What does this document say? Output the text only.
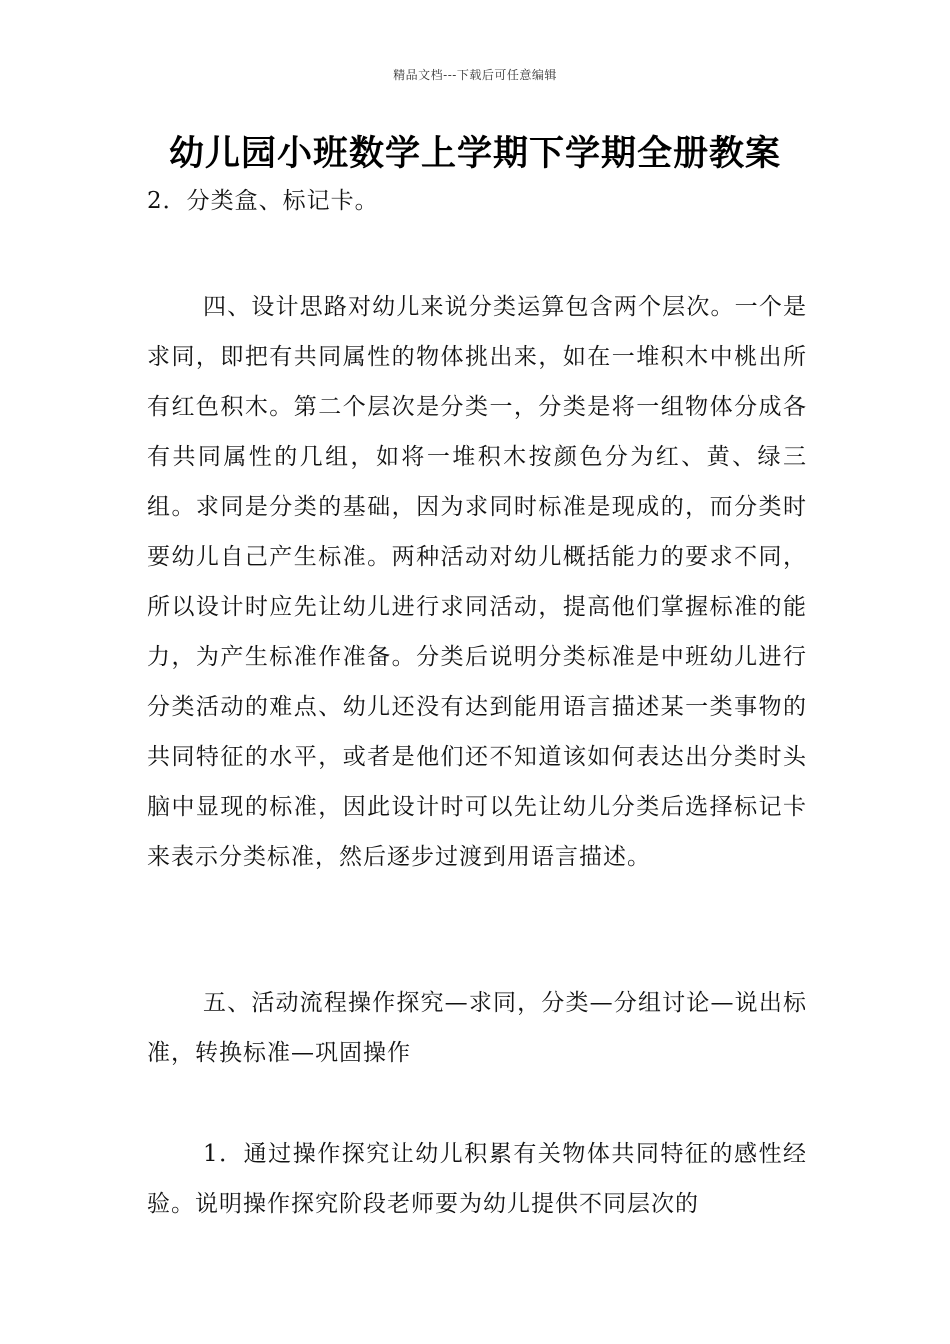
精品文档---下载后可任意编辑
幼儿园小班数学上学期下学期全册教案

2．分类盒、标记卡。

四、设计思路对幼儿来说分类运算包含两个层次。一个是求同，即把有共同属性的物体挑出来，如在一堆积木中桃出所有红色积木。第二个层次是分类一，分类是将一组物体分成各有共同属性的几组，如将一堆积木按颜色分为红、黄、绿三组。求同是分类的基础，因为求同时标准是现成的，而分类时要幼儿自己产生标准。两种活动对幼儿概括能力的要求不同，所以设计时应先让幼儿进行求同活动，提高他们掌握标准的能力，为产生标准作准备。分类后说明分类标准是中班幼儿进行分类活动的难点、幼儿还没有达到能用语言描述某一类事物的共同特征的水平，或者是他们还不知道该如何表达出分类时头脑中显现的标准，因此设计时可以先让幼儿分类后选择标记卡来表示分类标准，然后逐步过渡到用语言描述。

五、活动流程操作探究—求同，分类—分组讨论—说出标准，转换标准—巩固操作

1．通过操作探究让幼儿积累有关物体共同特征的感性经验。说明操作探究阶段老师要为幼儿提供不同层次的
